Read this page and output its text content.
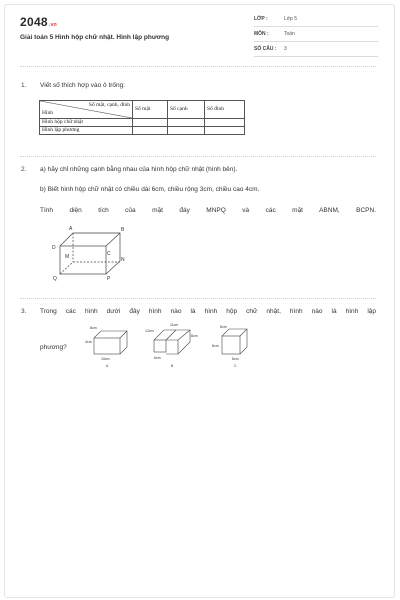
2048.vn
Giải toán 5 Hình hộp chữ nhật. Hình lập phương
LỚP :	Lớp 5
MÔN :	Toán
SỐ CÂU : 3
1. Viết số thích hợp vào ô trống:
Số mặt, cạnh, đỉnh
Hình	Số mặt	Số cạnh	Số đỉnh
Hình hộp chữ nhật			
Hình lập phương			
2. a) hãy chỉ những cạnh bằng nhau của hình hộp chữ nhật (hình bên).
b) Biết hình hộp chữ nhật có chiều dài 6cm, chiều rộng 3cm, chiều cao 4cm.
Tính diện tích của mặt đáy MNPQ và các mặt ABNM, BCPN.
A	B
C
D
M	N
P
Q
3. Trong các hình dưới đây hình nào là hình hộp chữ nhật, hình nào là hình lập
phương?
8cm
4cm
10cm
A
11cm
12cm
8cm
6cm
B
8cm
8cm
8cm
C
